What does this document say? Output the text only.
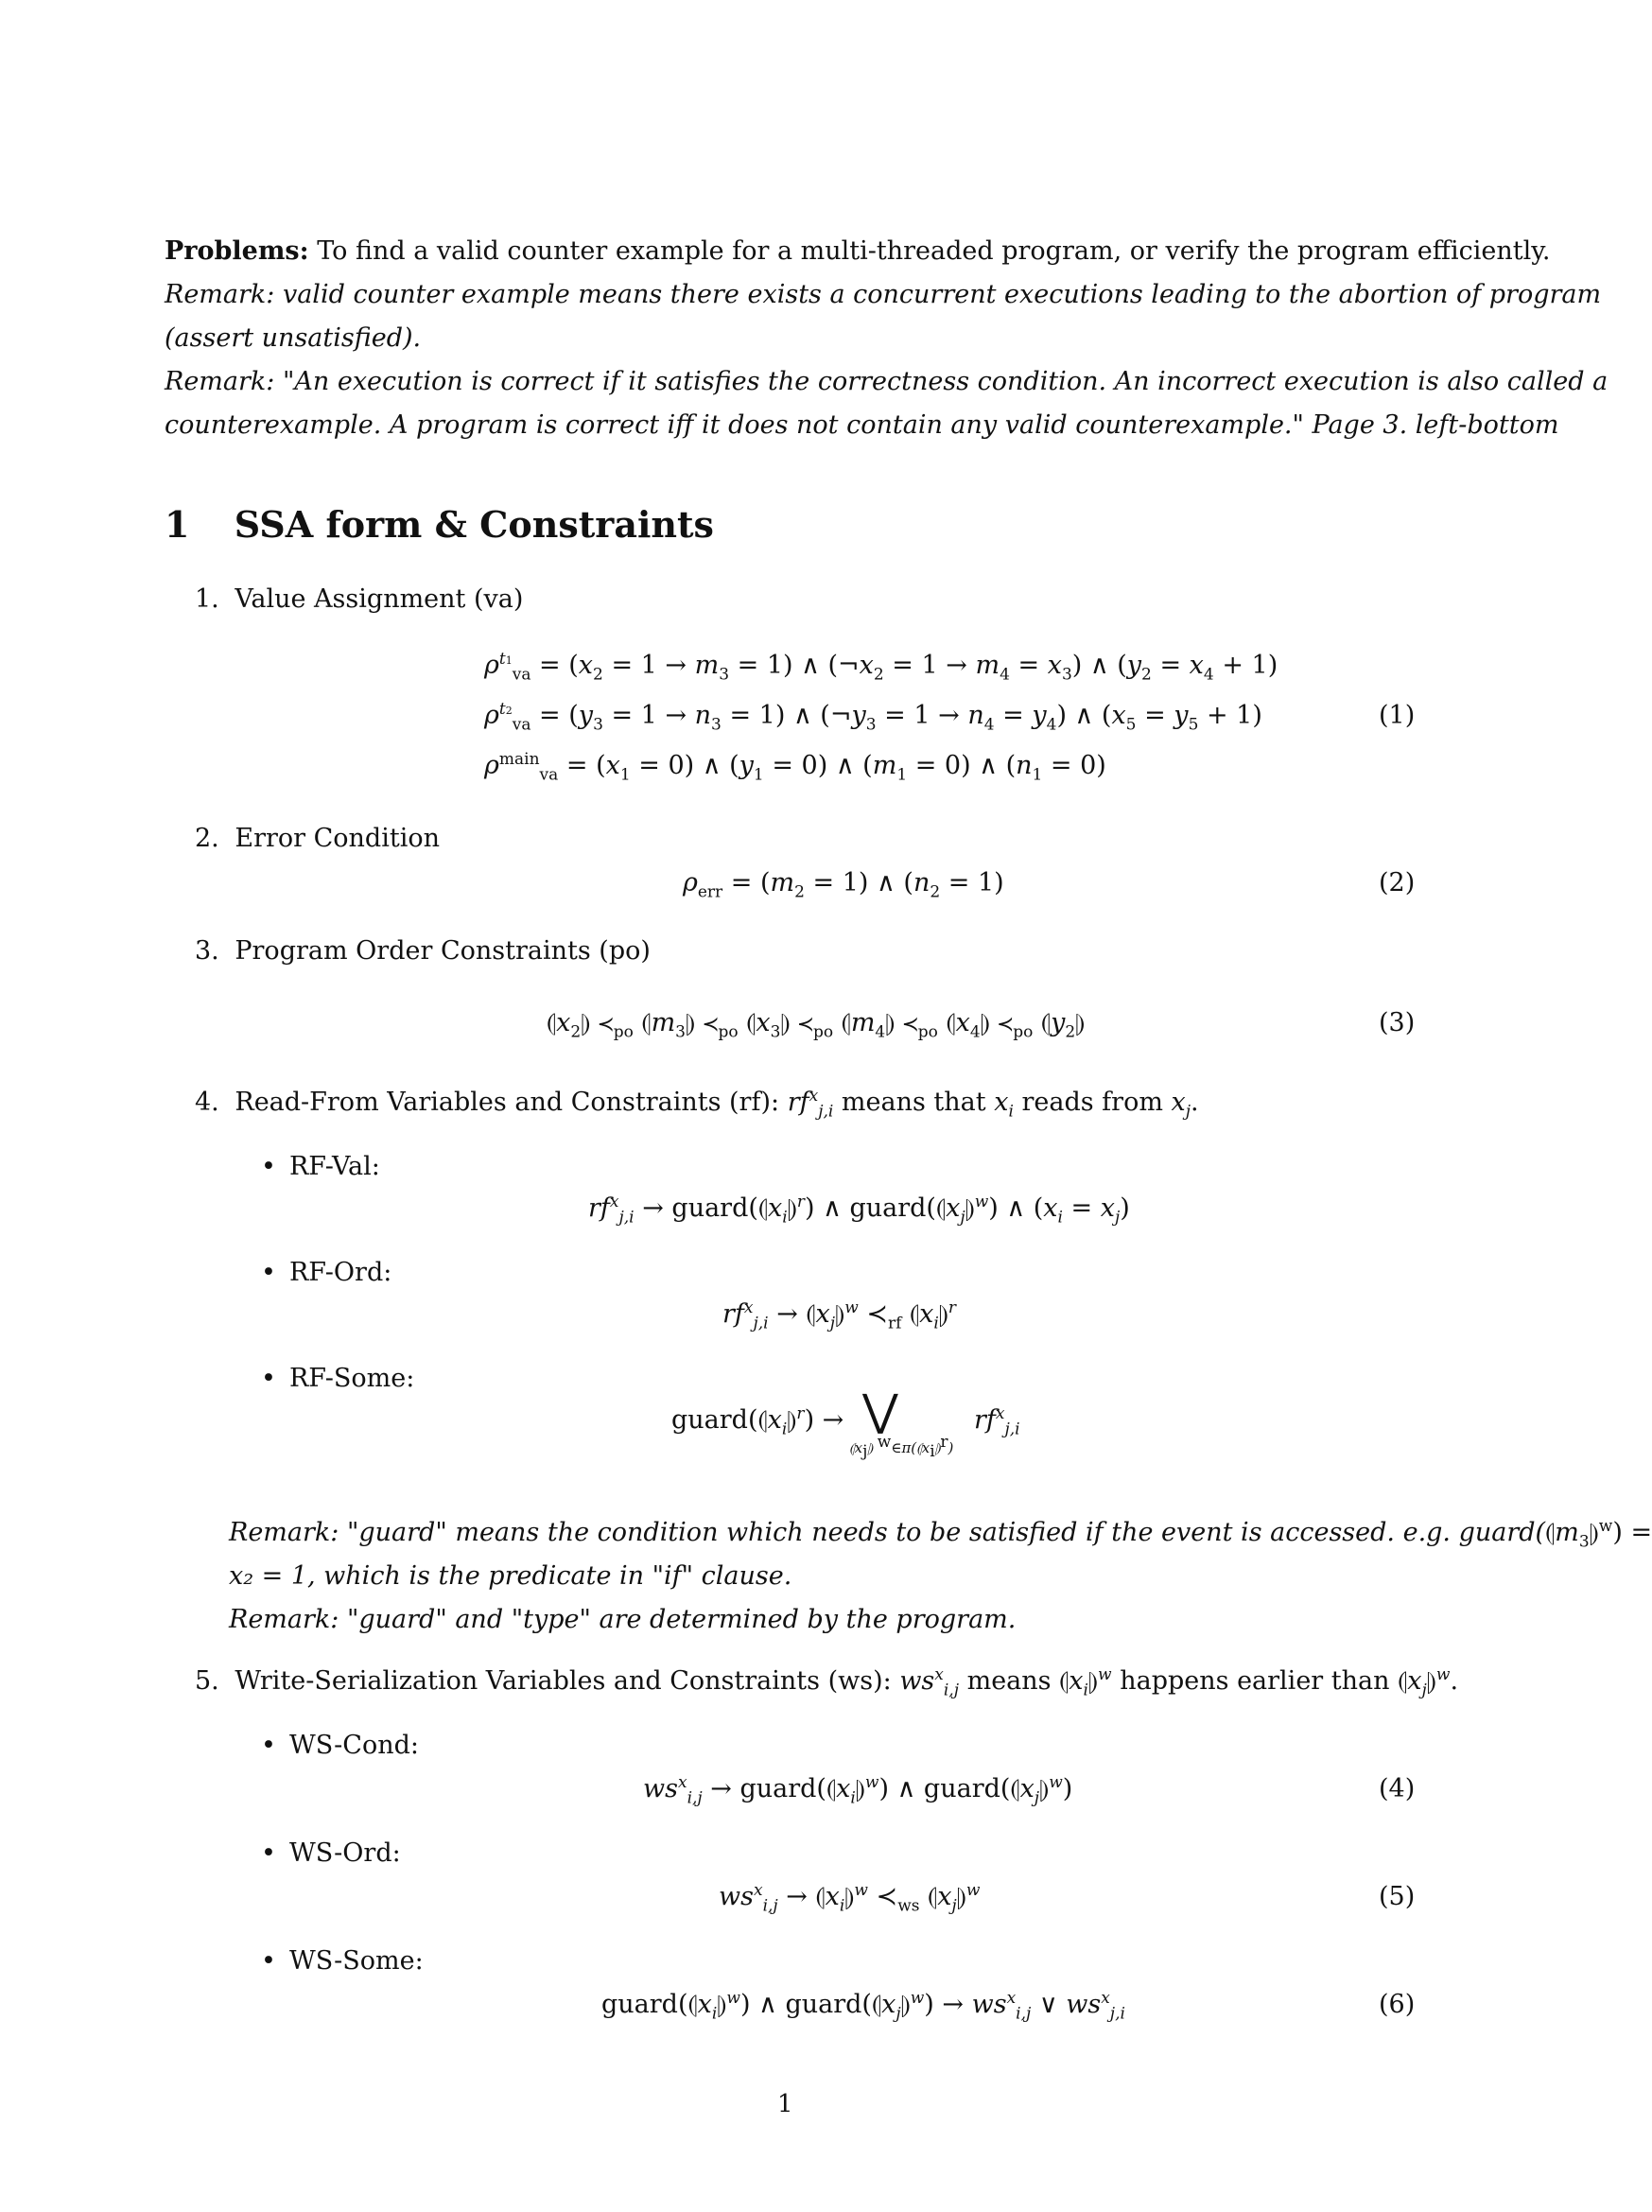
Problems: To find a valid counter example for a multi-threaded program, or verify the program efficiently.
Remark: valid counter example means there exists a concurrent executions leading to the abortion of program
(assert unsatisfied).
Remark: "An execution is correct if it satisfies the correctness condition. An incorrect execution is also called a
counterexample. A program is correct iff it does not contain any valid counterexample." Page 3. left-bottom
1 SSA form & Constraints
1. Value Assignment (va)
$\rho^{t1}_{va} = (x_2 = 1 \to m_3 = 1)$ ∧ $(\neg x_2 = 1 \to m_4 = x_3)$ ∧ $(y_2 = x_4 + 1)$
$\rho^{t2}_{va} = (y_3 = 1 \to n_3 = 1)$ ∧ $(\neg y_3 = 1 \to n_4 = y_4)$ ∧ $(x_5 = y_5 + 1)$
$\rho^{main}_{va} = (x_1 = 0)$ ∧ $(y_1 = 0)$ ∧ $(m_1 = 0)$ ∧ $(n_1 = 0)$
(1)
2. Error Condition
$\rho_{err} = (m_2 = 1)$ ∧ $(n_2 = 1)$	(2)
3. Program Order Constraints (po)
$⦇x_2⦈$ $≺_{po}$ $⦇m_3⦈$ $≺_{po}$ $⦇x_3⦈$ $≺_{po}$ $⦇m_4⦈$ $≺_{po}$ $⦇x_4⦈$ $≺_{po}$ $⦇y_2⦈$	(3)
4. Read-From Variables and Constraints (rf): $rf^x_{j,i}$ means that $x_i$ reads from $x_j$.
• RF-Val:
$rf^x_{j,i}$ → $guard(⦇x_i⦈^r)$ ∧ $guard(⦇x_j⦈^w)$ ∧ $(x_i = x_j)$
• RF-Ord:
$rf^x_{j,i}$ → $⦇x_j⦈^w$ $≺_{rf}$ $⦇x_i⦈^r$
• RF-Some:
$guard(⦇x_i⦈^r)$ → ⋁
$⦇x_j⦈$ $^w\in\pi(⦇x_i⦈^r)$
$rf^x_{j,i}$
Remark: "guard" means the condition which needs to be satisfied if the event is accessed. e.g. $guard(⦇m_3⦈^w)$ =
x₂ = 1, which is the predicate in "if" clause.
Remark: "guard" and "type" are determined by the program.
5. Write-Serialization Variables and Constraints (ws): $ws^x_{i,j}$ means $⦇x_i⦈^w$ happens earlier than $⦇x_j⦈^w$.
• WS-Cond:
$ws^x_{i,j}$ → $guard(⦇x_i⦈^w)$ ∧ $guard(⦇x_j⦈^w)$	(4)
• WS-Ord:
$ws^x_{i,j}$ → $⦇x_i⦈^w$ $≺_{ws}$ $⦇x_j⦈^w$	(5)
• WS-Some:
$guard(⦇x_i⦈^w)$ ∧ $guard(⦇x_j⦈^w) \to ws^x_{i,j}$ ∨ $ws^x_{j,i}$	(6)
1
